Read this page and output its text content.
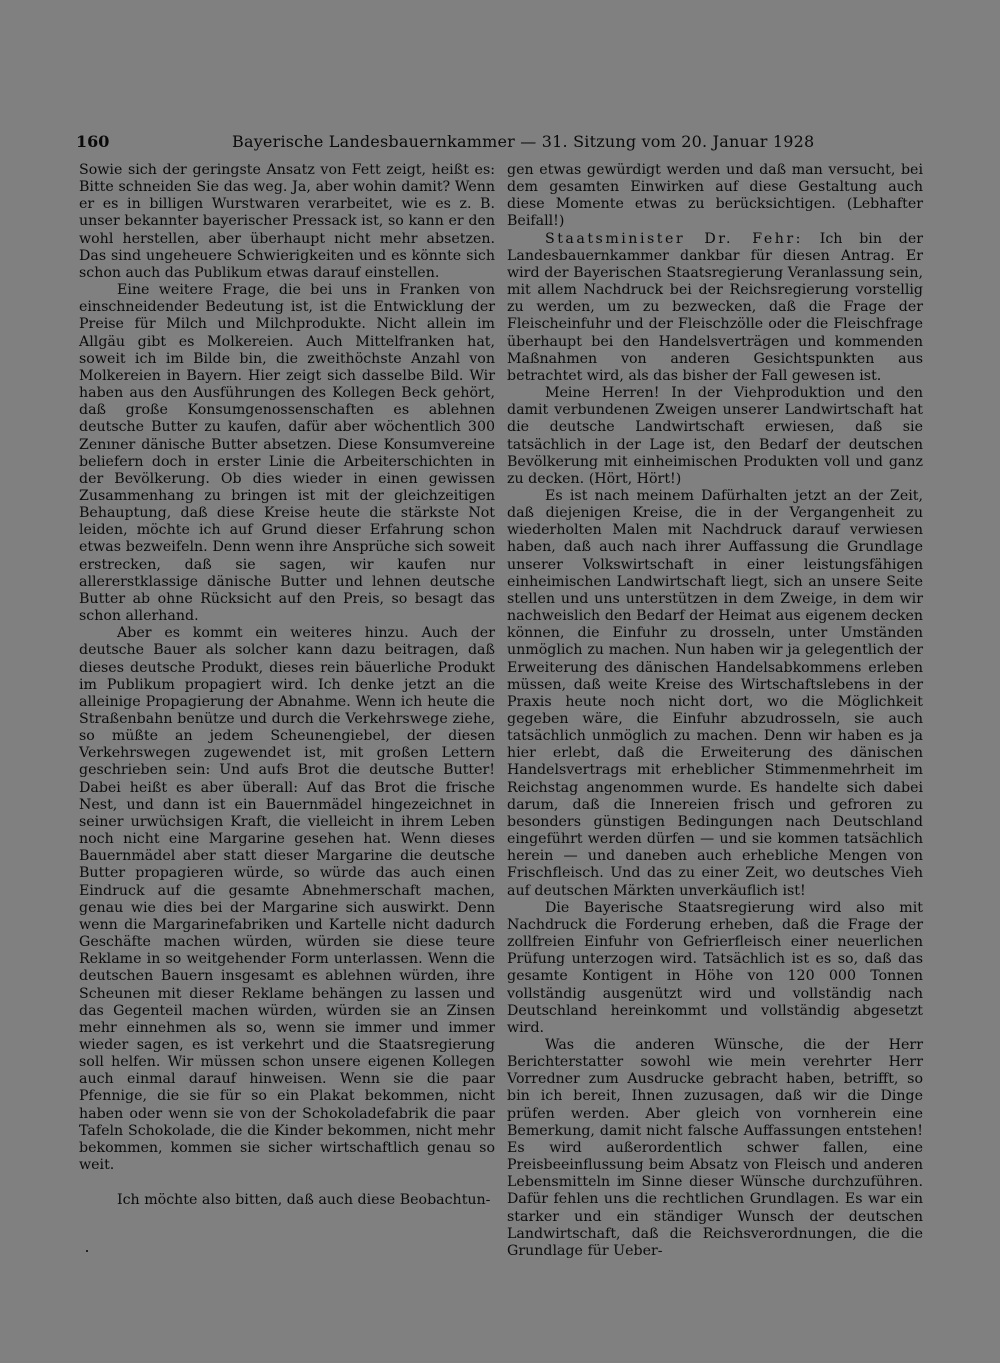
160	Bayerische Landesbauernkammer — 31. Sitzung vom 20. Januar 1928

Sowie sich der geringste Ansatz von Fett zeigt, heißt es: Bitte schneiden Sie das weg. Ja, aber wohin damit? Wenn er es in billigen Wurstwaren verarbeitet, wie es z. B. unser bekannter bayerischer Pressack ist, so kann er den wohl herstellen, aber überhaupt nicht mehr absetzen. Das sind ungeheuere Schwierigkeiten und es könnte sich schon auch das Publikum etwas darauf einstellen.

Eine weitere Frage, die bei uns in Franken von einschneidender Bedeutung ist, ist die Entwicklung der Preise für Milch und Milchprodukte. Nicht allein im Allgäu gibt es Molkereien. Auch Mittelfranken hat, soweit ich im Bilde bin, die zweithöchste Anzahl von Molkereien in Bayern. Hier zeigt sich dasselbe Bild. Wir haben aus den Ausführungen des Kollegen Beck gehört, daß große Konsumgenossenschaften es ablehnen deutsche Butter zu kaufen, dafür aber wöchentlich 300 Zenıner dänische Butter absetzen. Diese Konsumvereine beliefern doch in erster Linie die Arbeiterschichten in der Bevölkerung. Ob dies wieder in einen gewissen Zusammenhang zu bringen ist mit der gleichzeitigen Behauptung, daß diese Kreise heute die stärkste Not leiden, möchte ich auf Grund dieser Erfahrung schon etwas bezweifeln. Denn wenn ihre Ansprüche sich soweit erstrecken, daß sie sagen, wir kaufen nur allererstklassige dänische Butter und lehnen deutsche Butter ab ohne Rücksicht auf den Preis, so besagt das schon allerhand.

Aber es kommt ein weiteres hinzu. Auch der deutsche Bauer als solcher kann dazu beitragen, daß dieses deutsche Produkt, dieses rein bäuerliche Produkt im Publikum propagiert wird. Ich denke jetzt an die alleinige Propagierung der Abnahme. Wenn ich heute die Straßenbahn benütze und durch die Verkehrswege ziehe, so müßte an jedem Scheunengiebel, der diesen Verkehrswegen zugewendet ist, mit großen Lettern geschrieben sein: Und aufs Brot die deutsche Butter! Dabei heißt es aber überall: Auf das Brot die frische Nest, und dann ist ein Bauernmädel hingezeichnet in seiner urwüchsigen Kraft, die vielleicht in ihrem Leben noch nicht eine Margarine gesehen hat. Wenn dieses Bauernmädel aber statt dieser Margarine die deutsche Butter propagieren würde, so würde das auch einen Eindruck auf die gesamte Abnehmerschaft machen, genau wie dies bei der Margarine sich auswirkt. Denn wenn die Margarinefabriken und Kartelle nicht dadurch Geschäfte machen würden, würden sie diese teure Reklame in so weitgehender Form unterlassen. Wenn die deutschen Bauern insgesamt es ablehnen würden, ihre Scheunen mit dieser Reklame behängen zu lassen und das Gegenteil machen würden, würden sie an Zinsen mehr einnehmen als so, wenn sie immer und immer wieder sagen, es ist verkehrt und die Staatsregierung soll helfen. Wir müssen schon unsere eigenen Kollegen auch einmal darauf hinweisen. Wenn sie die paar Pfennige, die sie für so ein Plakat bekommen, nicht haben oder wenn sie von der Schokoladefabrik die paar Tafeln Schokolade, die die Kinder bekommen, nicht mehr bekommen, kommen sie sicher wirtschaftlich genau so weit.

Ich möchte also bitten, daß auch diese Beobachtun-

gen etwas gewürdigt werden und daß man versucht, bei dem gesamten Einwirken auf diese Gestaltung auch diese Momente etwas zu berücksichtigen. (Lebhafter Beifall!)

Staatsminister Dr. Fehr: Ich bin der Landesbauernkammer dankbar für diesen Antrag. Er wird der Bayerischen Staatsregierung Veranlassung sein, mit allem Nachdruck bei der Reichsregierung vorstellig zu werden, um zu bezwecken, daß die Frage der Fleischeinfuhr und der Fleischzölle oder die Fleischfrage überhaupt bei den Handelsverträgen und kommenden Maßnahmen von anderen Gesichtspunkten aus betrachtet wird, als das bisher der Fall gewesen ist.

Meine Herren! In der Viehproduktion und den damit verbundenen Zweigen unserer Landwirtschaft hat die deutsche Landwirtschaft erwiesen, daß sie tatsächlich in der Lage ist, den Bedarf der deutschen Bevölkerung mit einheimischen Produkten voll und ganz zu decken. (Hört, Hört!)

Es ist nach meinem Dafürhalten jetzt an der Zeit, daß diejenigen Kreise, die in der Vergangenheit zu wiederholten Malen mit Nachdruck darauf verwiesen haben, daß auch nach ihrer Auffassung die Grundlage unserer Volkswirtschaft in einer leistungsfähigen einheimischen Landwirtschaft liegt, sich an unsere Seite stellen und uns unterstützen in dem Zweige, in dem wir nachweislich den Bedarf der Heimat aus eigenem decken können, die Einfuhr zu drosseln, unter Umständen unmöglich zu machen. Nun haben wir ja gelegentlich der Erweiterung des dänischen Handelsabkommens erleben müssen, daß weite Kreise des Wirtschaftslebens in der Praxis heute noch nicht dort, wo die Möglichkeit gegeben wäre, die Einfuhr abzudrosseln, sie auch tatsächlich unmöglich zu machen. Denn wir haben es ja hier erlebt, daß die Erweiterung des dänischen Handelsvertrags mit erheblicher Stimmenmehrheit im Reichstag angenommen wurde. Es handelte sich dabei darum, daß die Innereien frisch und gefroren zu besonders günstigen Bedingungen nach Deutschland eingeführt werden dürfen — und sie kommen tatsächlich herein — und daneben auch erhebliche Mengen von Frischfleisch. Und das zu einer Zeit, wo deutsches Vieh auf deutschen Märkten unverkäuflich ist!

Die Bayerische Staatsregierung wird also mit Nachdruck die Forderung erheben, daß die Frage der zollfreien Einfuhr von Gefrierfleisch einer neuerlichen Prüfung unterzogen wird. Tatsächlich ist es so, daß das gesamte Kontigent in Höhe von 120 000 Tonnen vollständig ausgenützt wird und vollständig nach Deutschland hereinkommt und vollständig abgesetzt wird.

Was die anderen Wünsche, die der Herr Berichterstatter sowohl wie mein verehrter Herr Vorredner zum Ausdrucke gebracht haben, betrifft, so bin ich bereit, Ihnen zuzusagen, daß wir die Dinge prüfen werden. Aber gleich von vornherein eine Bemerkung, damit nicht falsche Auffassungen entstehen! Es wird außerordentlich schwer fallen, eine Preisbeeinflussung beim Absatz von Fleisch und anderen Lebensmitteln im Sinne dieser Wünsche durchzuführen. Dafür fehlen uns die rechtlichen Grundlagen. Es war ein starker und ein ständiger Wunsch der deutschen Landwirtschaft, daß die Reichsverordnungen, die die Grundlage für Ueber-
